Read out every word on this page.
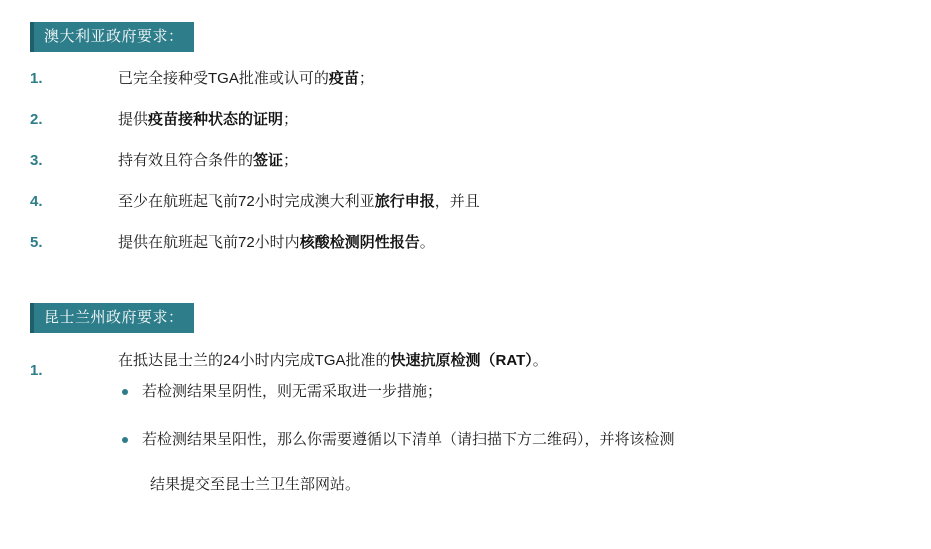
澳大利亚政府要求：
1.	已完全接种受TGA批准或认可的疫苗；
2.	提供疫苗接种状态的证明；
3.	持有效且符合条件的签证；
4.	至少在航班起飞前72小时完成澳大利亚旅行申报，并且
5.	提供在航班起飞前72小时内核酸检测阴性报告。
昆士兰州政府要求：
1.
在抵达昆士兰的24小时内完成TGA批准的快速抗原检测（RAT）。
若检测结果呈阴性，则无需采取进一步措施；
若检测结果呈阳性，那么你需要遵循以下清单（请扫描下方二维码），并将该检测
结果提交至昆士兰卫生部网站。
